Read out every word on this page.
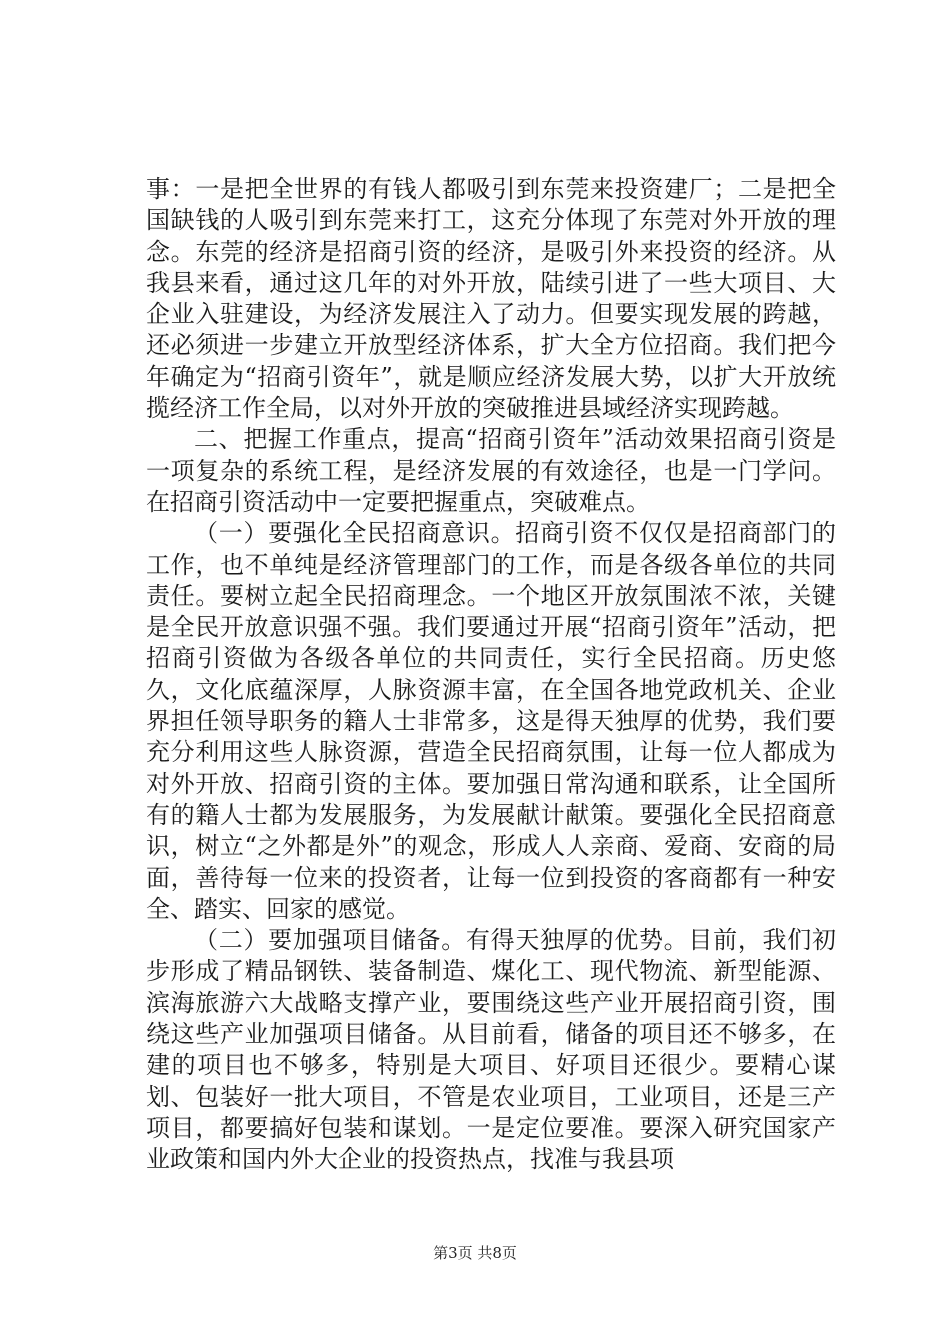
事：一是把全世界的有钱人都吸引到东莞来投资建厂；二是把全国缺钱的人吸引到东莞来打工，这充分体现了东莞对外开放的理念。东莞的经济是招商引资的经济，是吸引外来投资的经济。从我县来看，通过这几年的对外开放，陆续引进了一些大项目、大企业入驻建设，为经济发展注入了动力。但要实现发展的跨越，还必须进一步建立开放型经济体系，扩大全方位招商。我们把今年确定为“招商引资年”，就是顺应经济发展大势，以扩大开放统揽经济工作全局，以对外开放的突破推进县域经济实现跨越。

二、把握工作重点，提高“招商引资年”活动效果招商引资是一项复杂的系统工程，是经济发展的有效途径，也是一门学问。在招商引资活动中一定要把握重点，突破难点。

（一）要强化全民招商意识。招商引资不仅仅是招商部门的工作，也不单纯是经济管理部门的工作，而是各级各单位的共同责任。要树立起全民招商理念。一个地区开放氛围浓不浓，关键是全民开放意识强不强。我们要通过开展“招商引资年”活动，把招商引资做为各级各单位的共同责任，实行全民招商。历史悠久，文化底蕴深厚，人脉资源丰富，在全国各地党政机关、企业界担任领导职务的籍人士非常多，这是得天独厚的优势，我们要充分利用这些人脉资源，营造全民招商氛围，让每一位人都成为对外开放、招商引资的主体。要加强日常沟通和联系，让全国所有的籍人士都为发展服务，为发展献计献策。要强化全民招商意识，树立“之外都是外”的观念，形成人人亲商、爱商、安商的局面，善待每一位来的投资者，让每一位到投资的客商都有一种安全、踏实、回家的感觉。

（二）要加强项目储备。有得天独厚的优势。目前，我们初步形成了精品钢铁、装备制造、煤化工、现代物流、新型能源、滨海旅游六大战略支撑产业，要围绕这些产业开展招商引资，围绕这些产业加强项目储备。从目前看，储备的项目还不够多，在建的项目也不够多，特别是大项目、好项目还很少。要精心谋划、包装好一批大项目，不管是农业项目，工业项目，还是三产项目，都要搞好包装和谋划。一是定位要准。要深入研究国家产业政策和国内外大企业的投资热点，找准与我县项

第3页 共8页
